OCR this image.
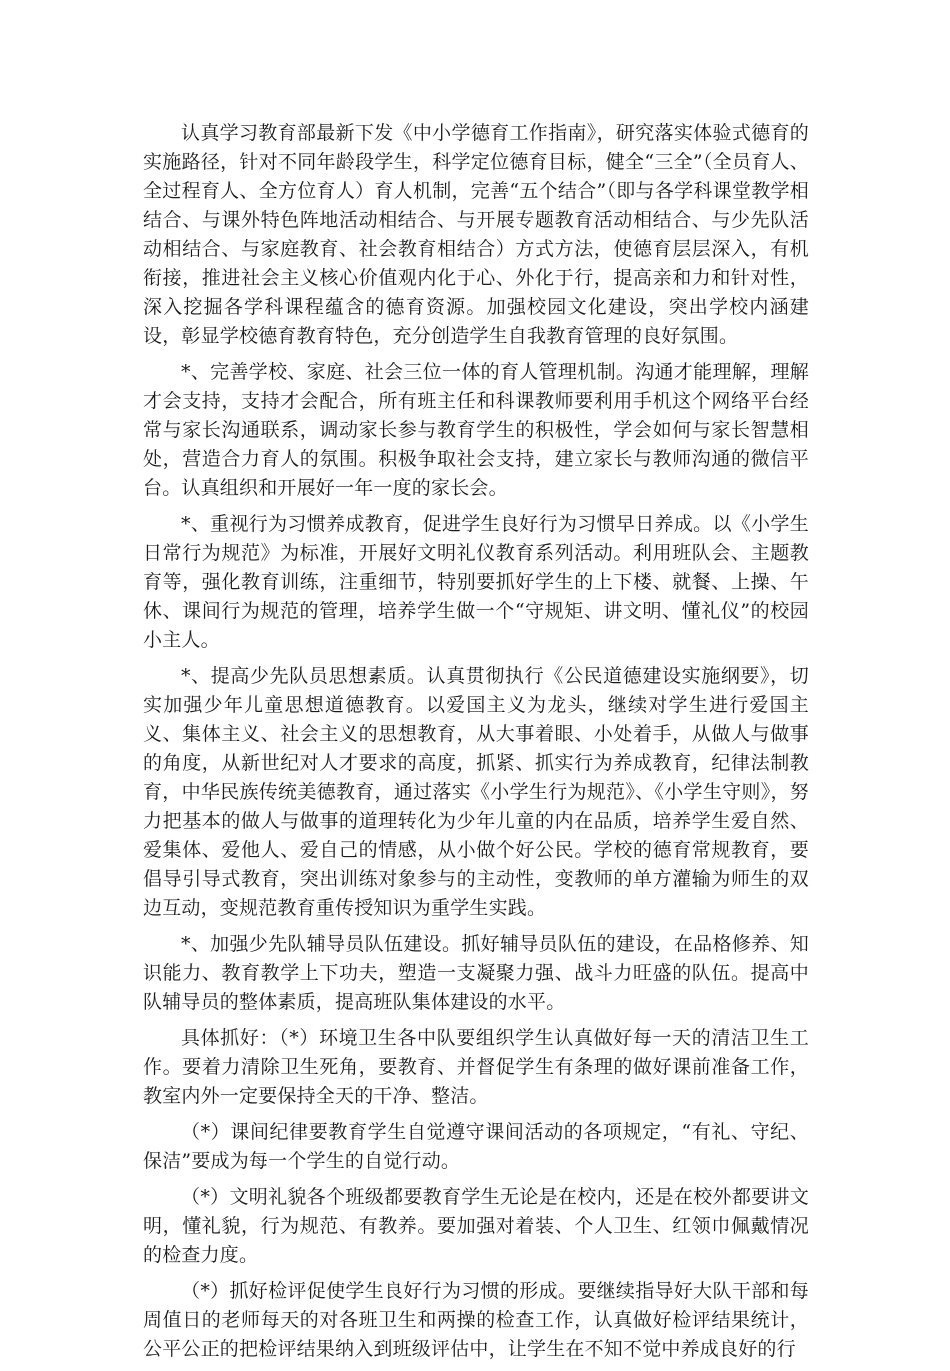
认真学习教育部最新下发《中小学德育工作指南》，研究落实体验式德育的实施路径，针对不同年龄段学生，科学定位德育目标，健全“三全”（全员育人、全过程育人、全方位育人）育人机制，完善“五个结合”（即与各学科课堂教学相结合、与课外特色阵地活动相结合、与开展专题教育活动相结合、与少先队活动相结合、与家庭教育、社会教育相结合）方式方法，使德育层层深入，有机衔接，推进社会主义核心价值观内化于心、外化于行，提高亲和力和针对性，深入挖掘各学科课程蕴含的德育资源。加强校园文化建设，突出学校内涵建设，彰显学校德育教育特色，充分创造学生自我教育管理的良好氛围。

*、完善学校、家庭、社会三位一体的育人管理机制。沟通才能理解，理解才会支持，支持才会配合，所有班主任和科课教师要利用手机这个网络平台经常与家长沟通联系，调动家长参与教育学生的积极性，学会如何与家长智慧相处，营造合力育人的氛围。积极争取社会支持，建立家长与教师沟通的微信平台。认真组织和开展好一年一度的家长会。

*、重视行为习惯养成教育，促进学生良好行为习惯早日养成。以《小学生日常行为规范》为标准，开展好文明礼仪教育系列活动。利用班队会、主题教育等，强化教育训练，注重细节，特别要抓好学生的上下楼、就餐、上操、午休、课间行为规范的管理，培养学生做一个“守规矩、讲文明、懂礼仪”的校园小主人。

*、提高少先队员思想素质。认真贯彻执行《公民道德建设实施纲要》，切实加强少年儿童思想道德教育。以爱国主义为龙头，继续对学生进行爱国主义、集体主义、社会主义的思想教育，从大事着眼、小处着手，从做人与做事的角度，从新世纪对人才要求的高度，抓紧、抓实行为养成教育，纪律法制教育，中华民族传统美德教育，通过落实《小学生行为规范》、《小学生守则》，努力把基本的做人与做事的道理转化为少年儿童的内在品质，培养学生爱自然、爱集体、爱他人、爱自己的情感，从小做个好公民。学校的德育常规教育，要倡导引导式教育，突出训练对象参与的主动性，变教师的单方灌输为师生的双边互动，变规范教育重传授知识为重学生实践。

*、加强少先队辅导员队伍建设。抓好辅导员队伍的建设，在品格修养、知识能力、教育教学上下功夫，塑造一支凝聚力强、战斗力旺盛的队伍。提高中队辅导员的整体素质，提高班队集体建设的水平。

具体抓好：（*）环境卫生各中队要组织学生认真做好每一天的清洁卫生工作。要着力清除卫生死角，要教育、并督促学生有条理的做好课前准备工作，教室内外一定要保持全天的干净、整洁。

（*）课间纪律要教育学生自觉遵守课间活动的各项规定，“有礼、守纪、保洁”要成为每一个学生的自觉行动。

（*）文明礼貌各个班级都要教育学生无论是在校内，还是在校外都要讲文明，懂礼貌，行为规范、有教养。要加强对着装、个人卫生、红领巾佩戴情况的检查力度。

（*）抓好检评促使学生良好行为习惯的形成。要继续指导好大队干部和每周值日的老师每天的对各班卫生和两操的检查工作，认真做好检评结果统计，公平公正的把检评结果纳入到班级评估中，让学生在不知不觉中养成良好的行
